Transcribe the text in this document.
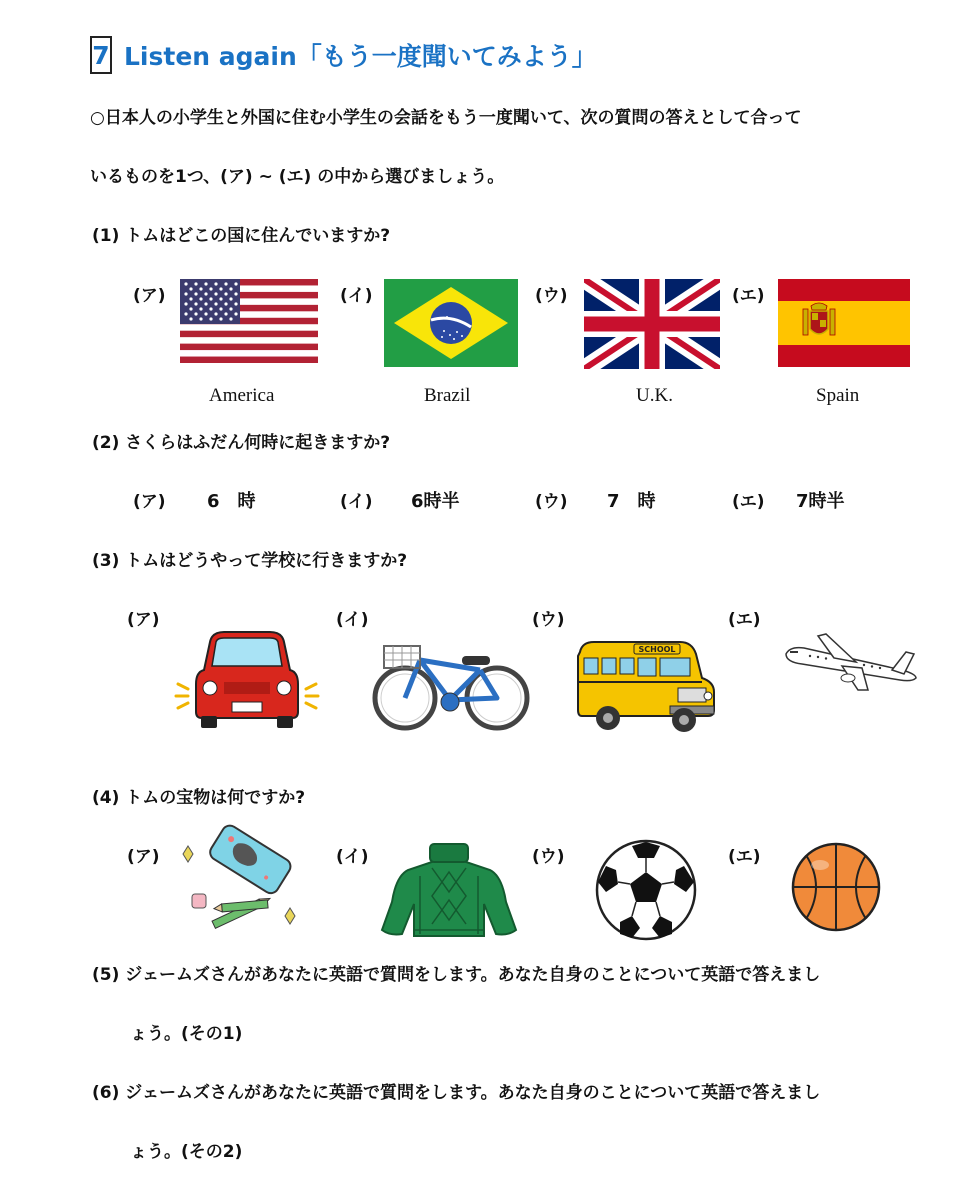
7 Listen again「もう一度聞いてみよう」
○日本人の小学生と外国に住む小学生の会話をもう一度聞いて、次の質問の答えとして合って
いるものを1つ、(ア) ~ (エ) の中から選びましょう。
(1) トムはどこの国に住んでいますか?
(ア)	(イ)	(ウ)	(エ)
America	Brazil	U.K.	Spain
(2) さくらはふだん何時に起きますか?
(ア) 6　時	(イ) 6時半	(ウ) 7　時	(エ) 7時半
(3) トムはどうやって学校に行きますか?
(ア)	(イ)	(ウ)	(エ)
SCHOOL
(4) トムの宝物は何ですか?
(ア)	(イ)	(ウ)	(エ)
(5) ジェームズさんがあなたに英語で質問をします。あなた自身のことについて英語で答えまし
ょう。(その1)
(6) ジェームズさんがあなたに英語で質問をします。あなた自身のことについて英語で答えまし
ょう。(その2)
